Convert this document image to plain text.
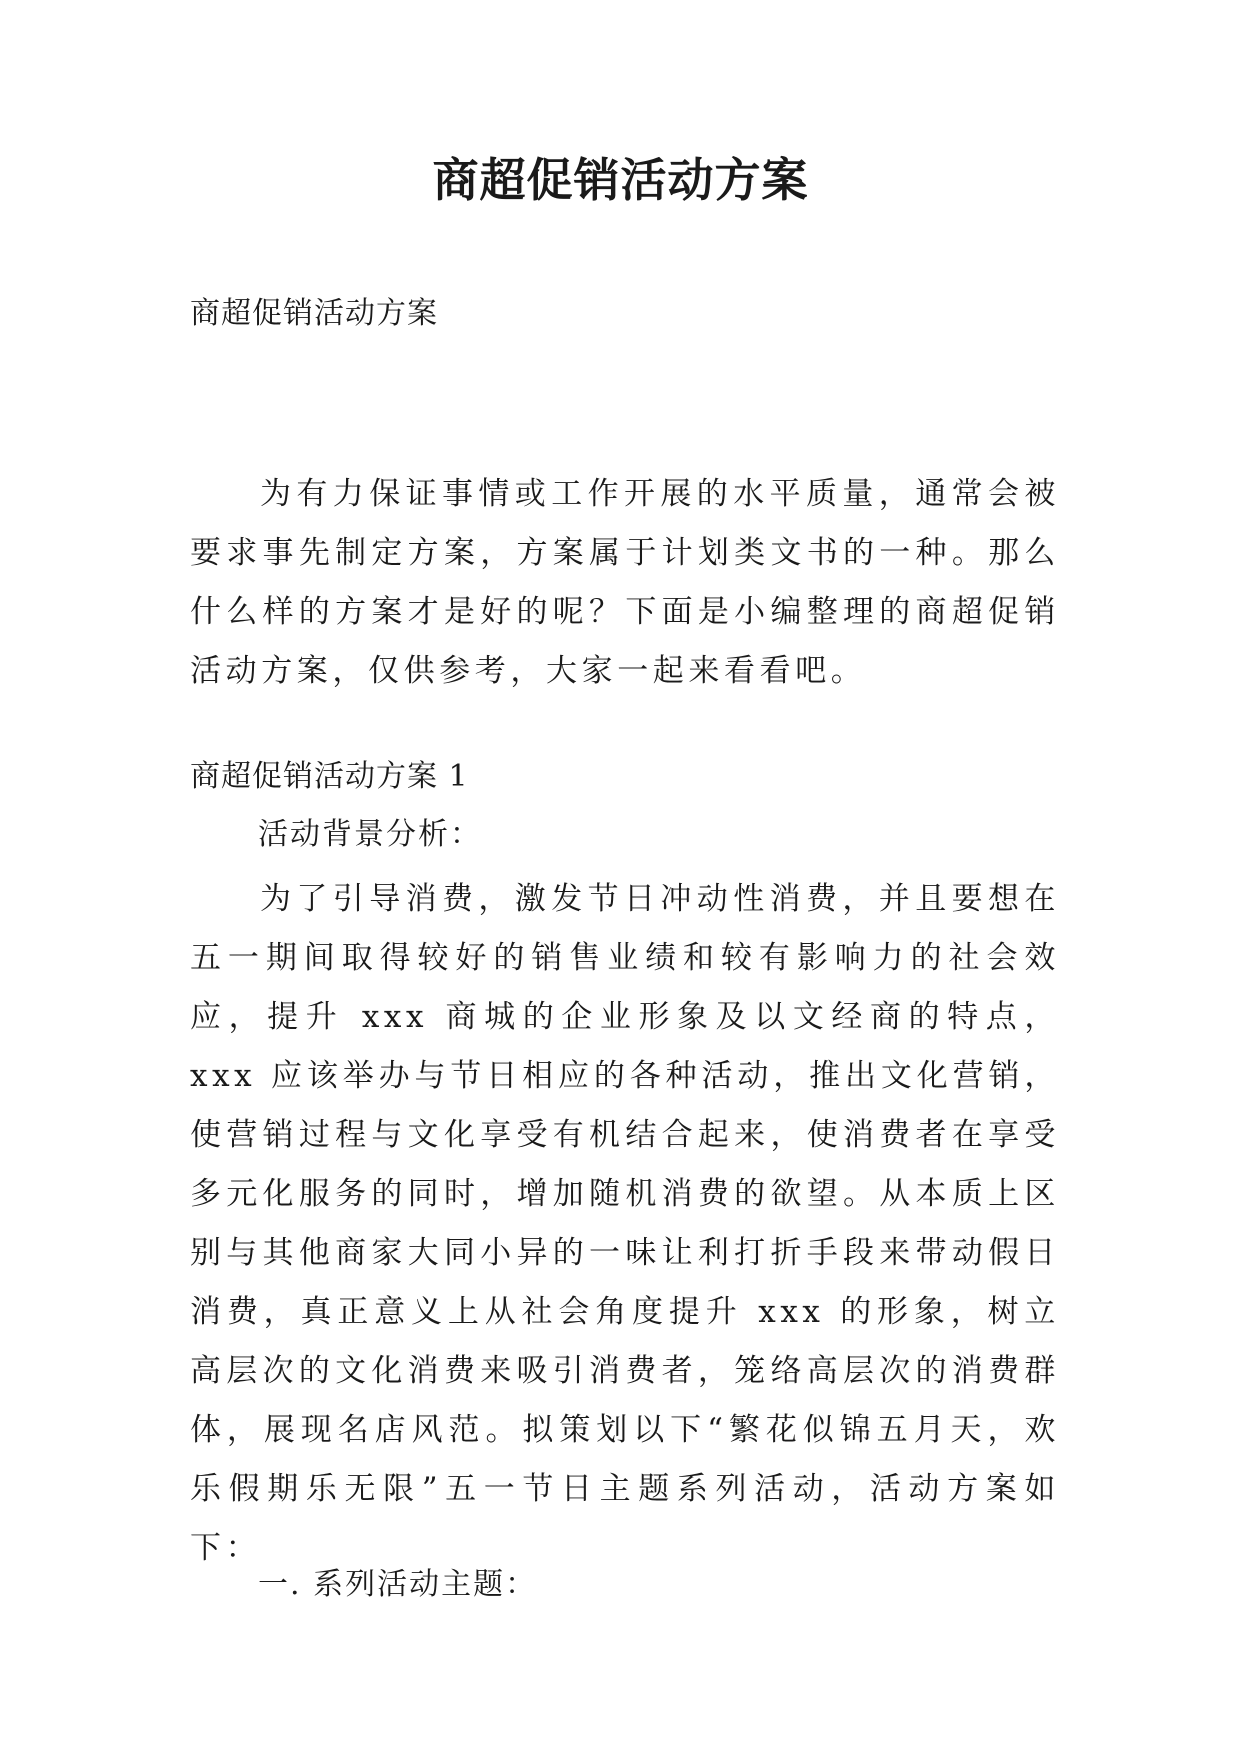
商超促销活动方案

商超促销活动方案

为有力保证事情或工作开展的水平质量，通常会被要求事先制定方案，方案属于计划类文书的一种。那么什么样的方案才是好的呢？下面是小编整理的商超促销活动方案，仅供参考，大家一起来看看吧。

商超促销活动方案 1

活动背景分析：

为了引导消费，激发节日冲动性消费，并且要想在五一期间取得较好的销售业绩和较有影响力的社会效应，提升 xxx 商城的企业形象及以文经商的特点，xxx 应该举办与节日相应的各种活动，推出文化营销，使营销过程与文化享受有机结合起来，使消费者在享受多元化服务的同时，增加随机消费的欲望。从本质上区别与其他商家大同小异的一味让利打折手段来带动假日消费，真正意义上从社会角度提升 xxx 的形象，树立高层次的文化消费来吸引消费者，笼络高层次的消费群体，展现名店风范。拟策划以下“繁花似锦五月天，欢乐假期乐无限”五一节日主题系列活动，活动方案如下：

一. 系列活动主题：
